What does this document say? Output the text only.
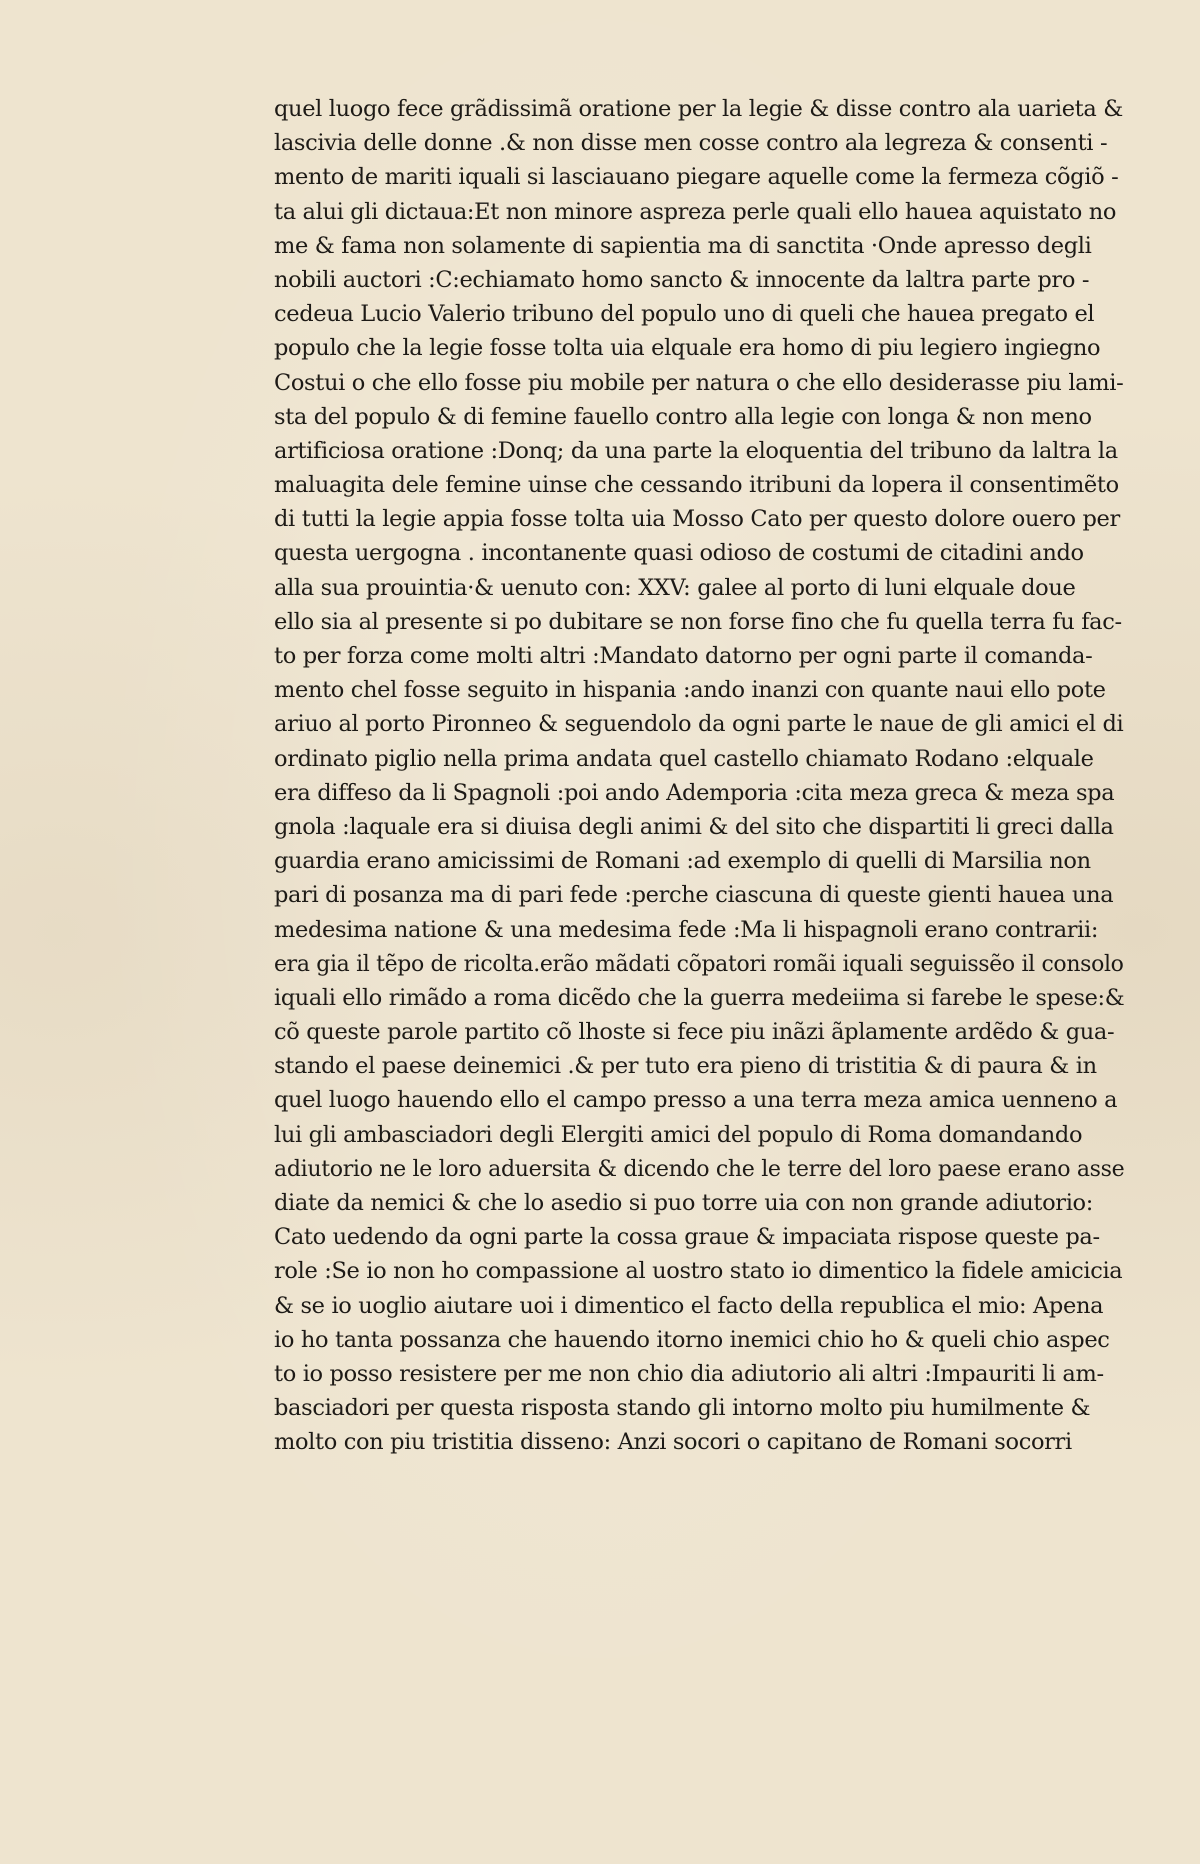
quel luogo fece grãdissimã oratione per la legie & disse contro ala uarieta &
lascivia delle donne .& non disse men cosse contro ala legreza & consenti -
mento de mariti iquali si lasciauano piegare aquelle come la fermeza cõgiõ -
ta alui gli dictaua:Et non minore aspreza perle quali ello hauea aquistato no
me & fama non solamente di sapientia ma di sanctita ·Onde apresso degli
nobili auctori :C:echiamato homo sancto & innocente da laltra parte pro -
cedeua Lucio Valerio tribuno del populo uno di queli che hauea pregato el
populo che la legie fosse tolta uia elquale era homo di piu legiero ingiegno
Costui o che ello fosse piu mobile per natura o che ello desiderasse piu lami-
sta del populo & di femine fauello contro alla legie con longa & non meno
artificiosa oratione :Donq; da una parte la eloquentia del tribuno da laltra la
maluagita dele femine uinse che cessando itribuni da lopera il consentimẽto
di tutti la legie appia fosse tolta uia Mosso Cato per questo dolore ouero per
questa uergogna . incontanente quasi odioso de costumi de citadini ando
alla sua prouintia·& uenuto con: XXV: galee al porto di luni elquale doue
ello sia al presente si po dubitare se non forse fino che fu quella terra fu fac-
to per forza come molti altri :Mandato datorno per ogni parte il comanda-
mento chel fosse seguito in hispania :ando inanzi con quante naui ello pote
ariuo al porto Pironneo & seguendolo da ogni parte le naue de gli amici el di
ordinato piglio nella prima andata quel castello chiamato Rodano :elquale
era diffeso da li Spagnoli :poi ando Ademporia :cita meza greca & meza spa
gnola :laquale era si diuisa degli animi & del sito che dispartiti li greci dalla
guardia erano amicissimi de Romani :ad exemplo di quelli di Marsilia non
pari di posanza ma di pari fede :perche ciascuna di queste gienti hauea una
medesima natione & una medesima fede :Ma li hispagnoli erano contrarii:
era gia il tẽpo de ricolta.erão mãdati cõpatori romãi iquali seguissẽo il consolo
iquali ello rimãdo a roma dicẽdo che la guerra medeiima si farebe le spese:&
cõ queste parole partito cõ lhoste si fece piu inãzi ãplamente ardẽdo & gua-
stando el paese deinemici .& per tuto era pieno di tristitia & di paura & in
quel luogo hauendo ello el campo presso a una terra meza amica uenneno a
lui gli ambasciadori degli Elergiti amici del populo di Roma domandando
adiutorio ne le loro aduersita & dicendo che le terre del loro paese erano asse
diate da nemici & che lo asedio si puo torre uia con non grande adiutorio:
Cato uedendo da ogni parte la cossa graue & impaciata rispose queste pa-
role :Se io non ho compassione al uostro stato io dimentico la fidele amicicia
& se io uoglio aiutare uoi i dimentico el facto della republica el mio: Apena
io ho tanta possanza che hauendo itorno inemici chio ho & queli chio aspec
to io posso resistere per me non chio dia adiutorio ali altri :Impauriti li am-
basciadori per questa risposta stando gli intorno molto piu humilmente &
molto con piu tristitia disseno: Anzi socori o capitano de Romani socorri
